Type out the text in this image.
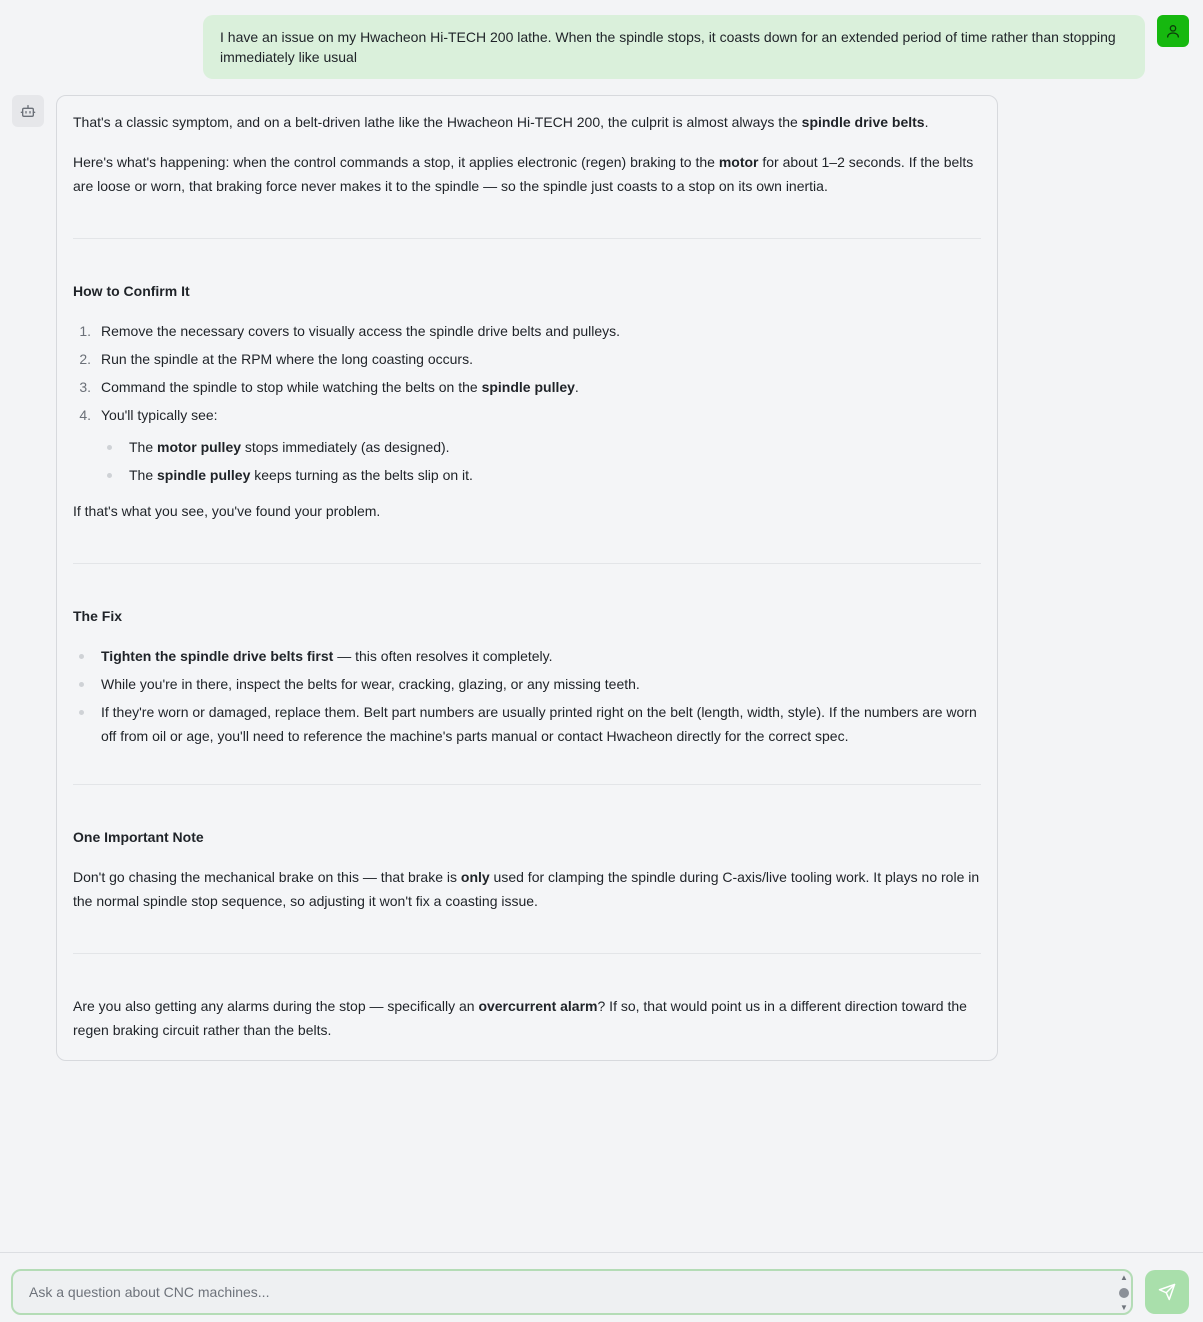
I have an issue on my Hwacheon Hi-TECH 200 lathe. When the spindle stops, it coasts down for an extended period of time rather than stopping immediately like usual

That's a classic symptom, and on a belt-driven lathe like the Hwacheon Hi-TECH 200, the culprit is almost always the spindle drive belts.

Here's what's happening: when the control commands a stop, it applies electronic (regen) braking to the motor for about 1–2 seconds. If the belts are loose or worn, that braking force never makes it to the spindle — so the spindle just coasts to a stop on its own inertia.

How to Confirm It
1. Remove the necessary covers to visually access the spindle drive belts and pulleys.
2. Run the spindle at the RPM where the long coasting occurs.
3. Command the spindle to stop while watching the belts on the spindle pulley.
4. You'll typically see:
The motor pulley stops immediately (as designed).
The spindle pulley keeps turning as the belts slip on it.

If that's what you see, you've found your problem.

The Fix
Tighten the spindle drive belts first — this often resolves it completely.
While you're in there, inspect the belts for wear, cracking, glazing, or any missing teeth.
If they're worn or damaged, replace them. Belt part numbers are usually printed right on the belt (length, width, style). If the numbers are worn off from oil or age, you'll need to reference the machine's parts manual or contact Hwacheon directly for the correct spec.
One Important Note

Don't go chasing the mechanical brake on this — that brake is only used for clamping the spindle during C-axis/live tooling work. It plays no role in the normal spindle stop sequence, so adjusting it won't fix a coasting issue.

Are you also getting any alarms during the stop — specifically an overcurrent alarm? If so, that would point us in a different direction toward the regen braking circuit rather than the belts.

Ask a question about CNC machines...
▲
▼
